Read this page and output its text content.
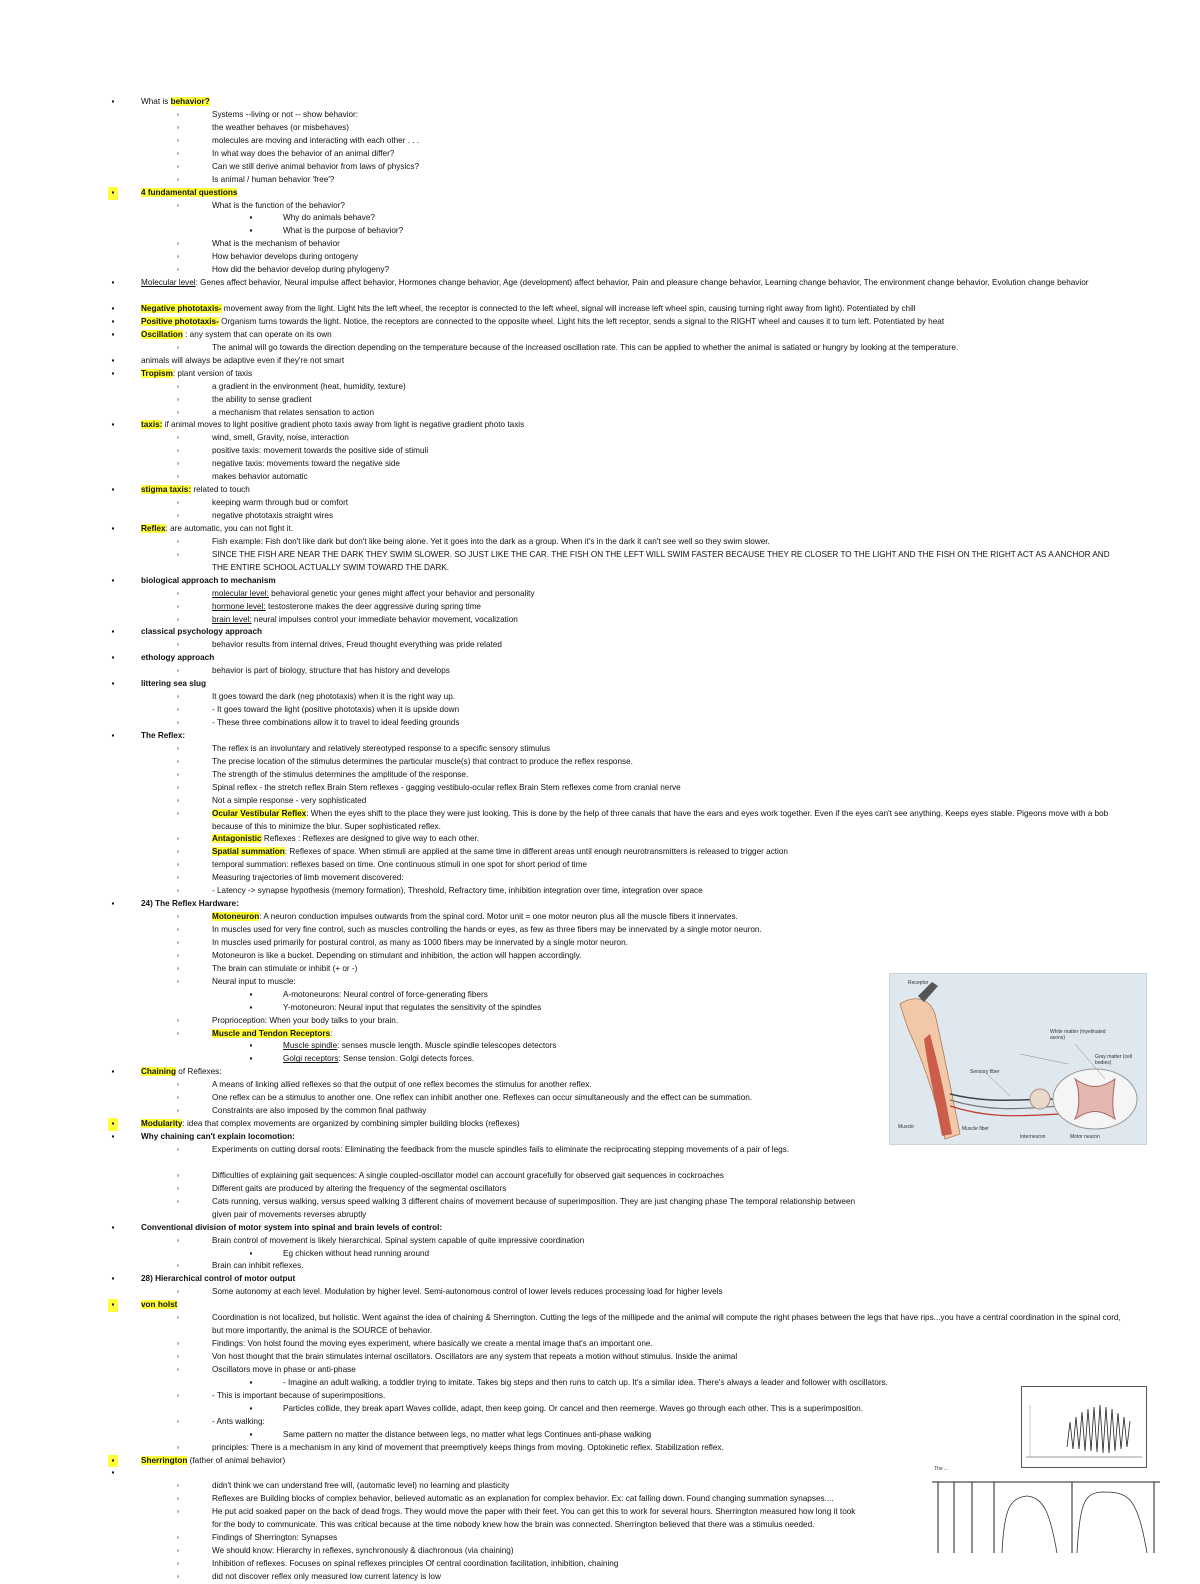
▪	What is behavior?
◦	Systems --living or not -- show behavior:
◦	the weather behaves (or misbehaves)
◦	molecules are moving and interacting with each other . . .
◦	In what way does the behavior of an animal differ?
◦	Can we still derive animal behavior from laws of physics?
◦	Is animal / human behavior 'free'?
▪	4 fundamental questions
◦	What is the function of the behavior?
▪	Why do animals behave?
▪	What is the purpose of behavior?
◦	What is the mechanism of behavior
◦	How behavior develops during ontogeny
◦	How did the behavior develop during phylogeny?
▪	Molecular level: Genes affect behavior, Neural impulse affect behavior, Hormones change behavior, Age (development) affect behavior, Pain and pleasure change behavior, Learning change behavior, The environment change behavior, Evolution change behavior
▪	Negative phototaxis- movement away from the light. Light hits the left wheel, the receptor is connected to the left wheel, signal will increase left wheel spin, causing turning right away from light). Potentiated by chill
▪	Positive phototaxis- Organism turns towards the light. Notice, the receptors are connected to the opposite wheel. Light hits the left receptor, sends a signal to the RIGHT wheel and causes it to turn left. Potentiated by heat
▪	Oscillation : any system that can operate on its own
◦	The animal will go towards the direction depending on the temperature because of the increased oscillation rate. This can be applied to whether the animal is satiated or hungry by looking at the temperature.
▪	animals will always be adaptive even if they're not smart
▪	Tropism: plant version of taxis
◦	a gradient in the environment (heat, humidity, texture)
◦	the ability to sense gradient
◦	a mechanism that relates sensation to action
▪	taxis: if animal moves to light positive gradient photo taxis away from light is negative gradient photo taxis
◦	wind, smell, Gravity, noise, interaction
◦	positive taxis: movement towards the positive side of stimuli
◦	negative taxis: movements toward the negative side
◦	makes behavior automatic
▪	stigma taxis: related to touch
◦	keeping warm through bud or comfort
◦	negative phototaxis straight wires
▪	Reflex: are automatic, you can not fight it.
◦	Fish example: Fish don't like dark but don't like being alone. Yet it goes into the dark as a group. When it's in the dark it can't see well so they swim slower.
◦	SINCE THE FISH ARE NEAR THE DARK THEY SWIM SLOWER. SO JUST LIKE THE CAR. THE FISH ON THE LEFT WILL SWIM FASTER BECAUSE THEY RE CLOSER TO THE LIGHT AND THE FISH ON THE RIGHT ACT AS A ANCHOR AND THE ENTIRE SCHOOL ACTUALLY SWIM TOWARD THE DARK.
▪	biological approach to mechanism
◦	molecular level: behavioral genetic your genes might affect your behavior and personality
◦	hormone level: testosterone makes the deer aggressive during spring time
◦	brain level: neural impulses control your immediate behavior movement, vocalization
▪	classical psychology approach
◦	behavior results from internal drives, Freud thought everything was pride related
▪	ethology approach
◦	behavior is part of biology, structure that has history and develops
▪	littering sea slug
◦	It goes toward the dark (neg phototaxis) when it is the right way up.
◦	- It goes toward the light (positive phototaxis) when it is upside down
◦	- These three combinations allow it to travel to ideal feeding grounds
▪	The Reflex:
◦	The reflex is an involuntary and relatively stereotyped response to a specific sensory stimulus
◦	The precise location of the stimulus determines the particular muscle(s) that contract to produce the reflex response.
◦	The strength of the stimulus determines the amplitude of the response.
◦	Spinal reflex - the stretch reflex Brain Stem reflexes - gagging vestibulo-ocular reflex Brain Stem reflexes come from cranial nerve
◦	Not a simple response - very sophisticated
◦	Ocular Vestibular Reflex: When the eyes shift to the place they were just looking. This is done by the help of three canals that have the ears and eyes work together. Even if the eyes can't see anything. Keeps eyes stable. Pigeons move with a bob because of this to minimize the blur. Super sophisticated reflex.
◦	Antagonistic Reflexes : Reflexes are designed to give way to each other.
◦	Spatial summation: Reflexes of space. When stimuli are applied at the same time in different areas until enough neurotransmitters is released to trigger action
◦	temporal summation: reflexes based on time. One continuous stimuli in one spot for short period of time
◦	Measuring trajectories of limb movement discovered:
◦	- Latency -> synapse hypothesis (memory formation), Threshold, Refractory time, inhibition integration over time, integration over space
▪	24) The Reflex Hardware:
◦	Motoneuron: A neuron conduction impulses outwards from the spinal cord. Motor unit = one motor neuron plus all the muscle fibers it innervates.
◦	In muscles used for very fine control, such as muscles controlling the hands or eyes, as few as three fibers may be innervated by a single motor neuron.
◦	In muscles used primarily for postural control, as many as 1000 fibers may be innervated by a single motor neuron.
◦	Motoneuron is like a bucket. Depending on stimulant and inhibition, the action will happen accordingly.
◦	The brain can stimulate or inhibit (+ or -)
◦	Neural input to muscle:
▪	A-motoneurons: Neural control of force-generating fibers
▪	Y-motoneuron: Neural input that regulates the sensitivity of the spindles
◦	Proprioception: When your body talks to your brain.
◦	Muscle and Tendon Receptors:
▪	Muscle spindle: senses muscle length. Muscle spindle telescopes detectors
▪	Golgi receptors: Sense tension. Golgi detects forces.
▪	Chaining of Reflexes:
◦	A means of linking allied reflexes so that the output of one reflex becomes the stimulus for another reflex.
◦	One reflex can be a stimulus to another one. One reflex can inhibit another one. Reflexes can occur simultaneously and the effect can be summation.
◦	Constraints are also imposed by the common final pathway
▪	Modularity: idea that complex movements are organized by combining simpler building blocks (reflexes)
▪	Why chaining can't explain locomotion:
◦	Experiments on cutting dorsal roots: Eliminating the feedback from the muscle spindles fails to eliminate the reciprocating stepping movements of a pair of legs.
◦	Difficulties of explaining gait sequences: A single coupled-oscillator model can account gracefully for observed gait sequences in cockroaches
◦	Different gaits are produced by altering the frequency of the segmental oscillators
◦	Cats running, versus walking, versus speed walking 3 different chains of movement because of superimposition. They are just changing phase The temporal relationship between given pair of movements reverses abruptly
▪	Conventional division of motor system into spinal and brain levels of control:
◦	Brain control of movement is likely hierarchical. Spinal system capable of quite impressive coordination
▪	Eg chicken without head running around
◦	Brain can inhibit reflexes.
▪	28) Hierarchical control of motor output
◦	Some autonomy at each level. Modulation by higher level. Semi-autonomous control of lower levels reduces processing load for higher levels
▪	von holst
◦	Coordination is not localized, but holistic. Went against the idea of chaining & Sherrington. Cutting the legs of the millipede and the animal will compute the right phases between the legs that have rips...you have a central coordination in the spinal cord, but more importantly, the animal is the SOURCE of behavior.
◦	Findings: Von holst found the moving eyes experiment, where basically we create a mental image that's an important one.
◦	Von host thought that the brain stimulates internal oscillators. Oscillators are any system that repeats a motion without stimulus. Inside the animal
◦	Oscillators move in phase or anti-phase
▪	- Imagine an adult walking, a toddler trying to imitate. Takes big steps and then runs to catch up. It's a similar idea. There's always a leader and follower with oscillators.
◦	- This is important because of superimpositions.
▪	Particles collide, they break apart Waves collide, adapt, then keep going. Or cancel and then reemerge. Waves go through each other. This is a superimposition.
◦	- Ants walking:
▪	Same pattern no matter the distance between legs, no matter what legs Continues anti-phase walking
◦	principles: There is a mechanism in any kind of movement that preemptively keeps things from moving. Optokinetic reflex. Stabilization reflex.
▪	Sherrington (father of animal behavior)
▪
◦	didn't think we can understand free will, (automatic level) no learning and plasticity
◦	Reflexes are Building blocks of complex behavior, believed automatic as an explanation for complex behavior. Ex: cat falling down. Found changing summation synapses....
◦	He put acid soaked paper on the back of dead frogs. They would move the paper with their feet. You can get this to work for several hours. Sherrington measured how long it took for the body to communicate. This was critical because at the time nobody knew how the brain was connected. Sherrington believed that there was a stimulus needed.
◦	Findings of Sherrington: Synapses
◦	We should know: Hierarchy in reflexes, synchronously & diachronous (via chaining)
◦	Inhibition of reflexes. Focuses on spinal reflexes principles Of central coordination facilitation, inhibition, chaining
◦	did not discover reflex only measured low current latency is low
Receptor
White matter (myelinated axons)
Gray matter (cell bodies)
Muscle	Muscle fiber
Motor neuron
Interneuron
Sensory fiber
The ...
